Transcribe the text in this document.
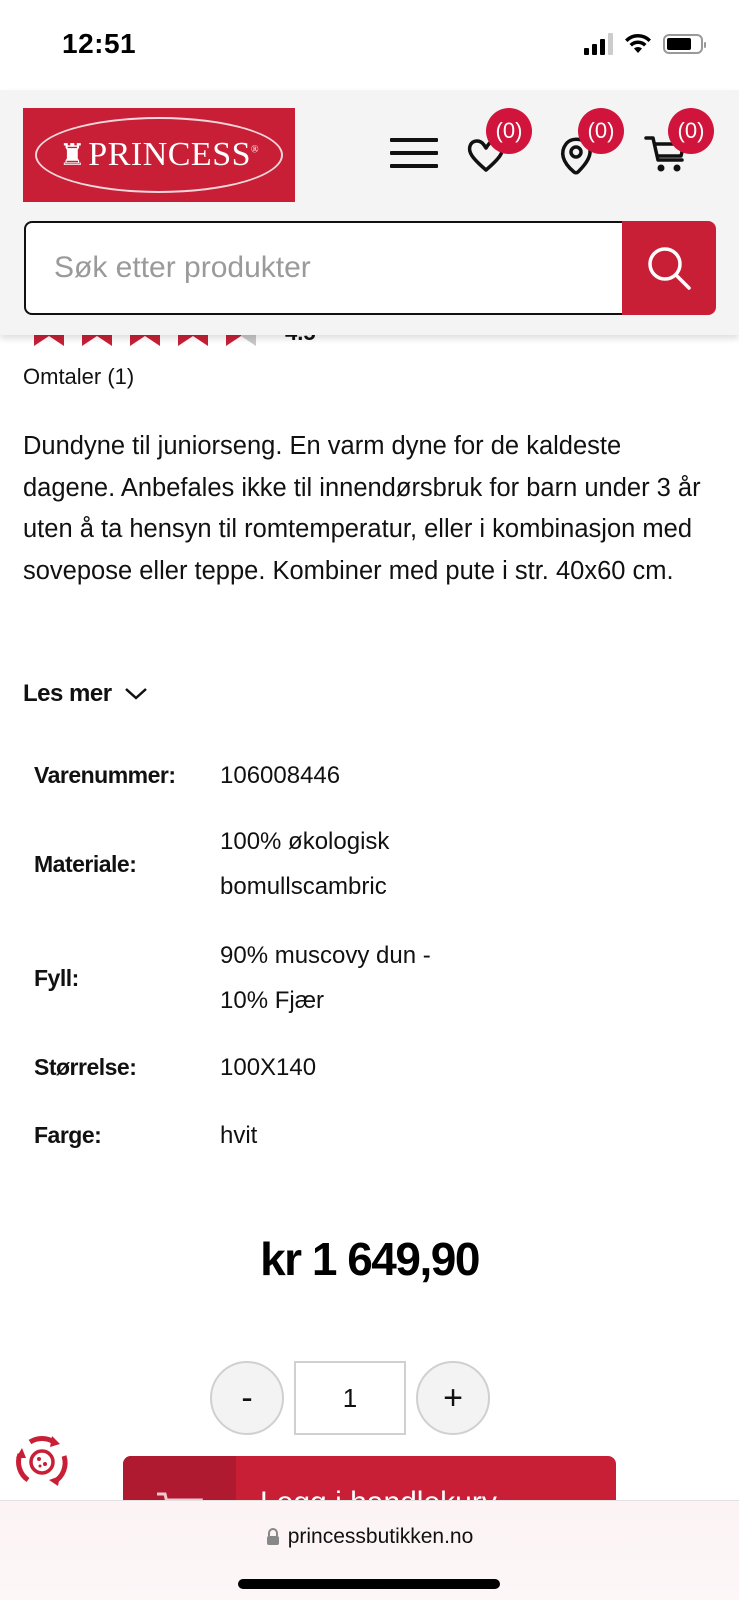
12:51
♜PRINCESS®
(0)	(0)	(0)
Søk etter produkter
Omtaler (1)

Dundyne til juniorseng. En varm dyne for de kaldeste dagene. Anbefales ikke til innendørsbruk for barn under 3 år uten å ta hensyn til romtemperatur, eller i kombinasjon med sovepose eller teppe. Kombiner med pute i str. 40x60 cm.

Les mer
Varenummer:	106008446
Materiale:
100% økologisk bomullscambric
Fyll:
90% muscovy dun - 10% Fjær
Størrelse:	100X140
Farge:	hvit
kr 1 649,90
-
1	+
princessbutikken.no
